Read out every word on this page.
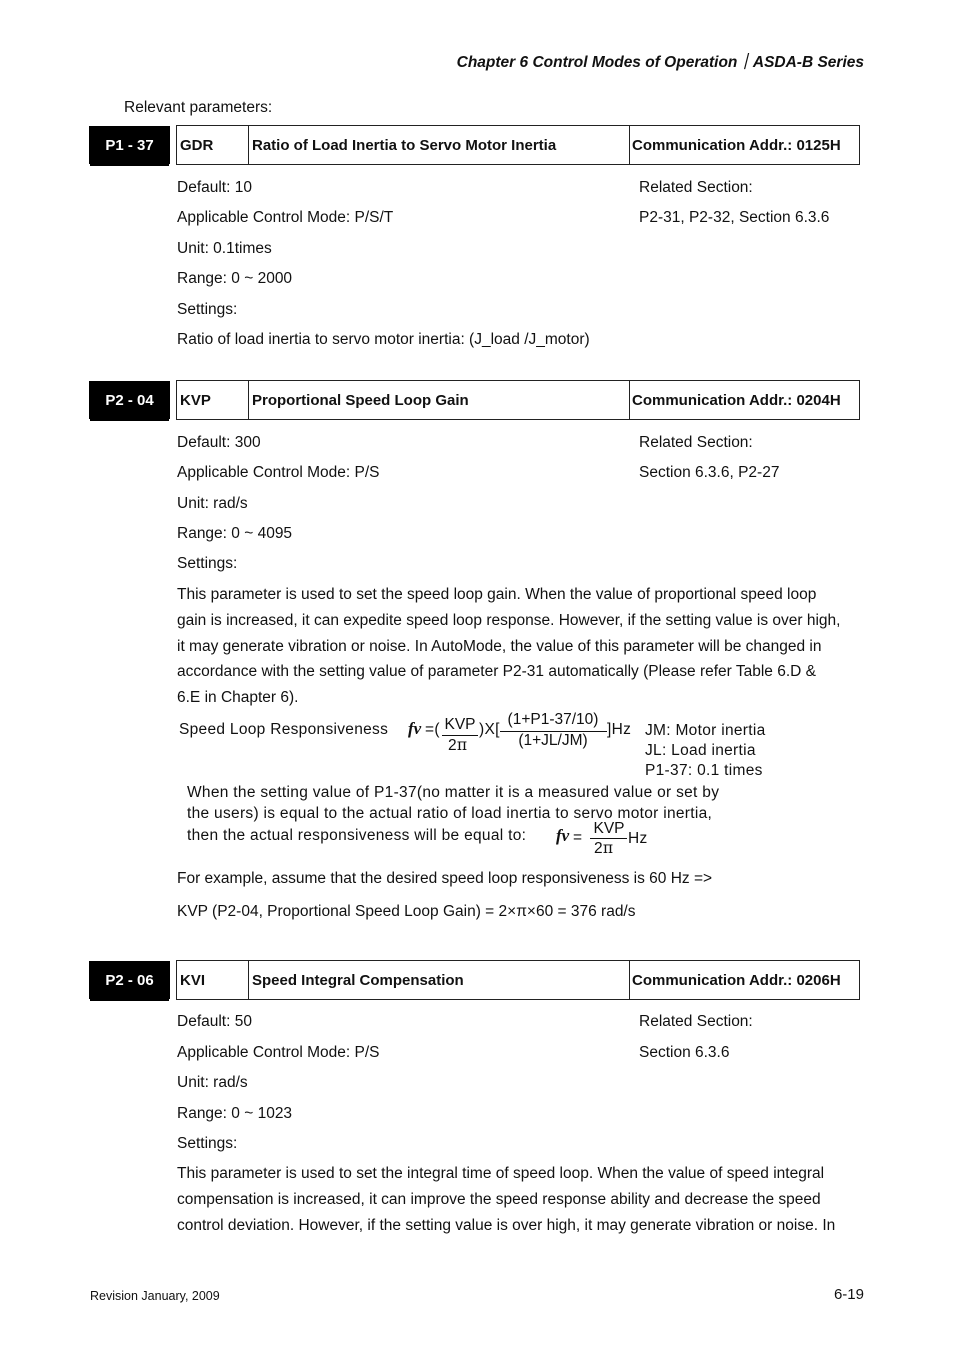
Chapter 6 Control Modes of Operation｜ASDA-B Series
Relevant parameters:
P1 - 37	GDR	Ratio of Load Inertia to Servo Motor Inertia	Communication Addr.: 0125H
Default: 10	Related Section:
Applicable Control Mode: P/S/T	P2-31, P2-32, Section 6.3.6
Unit: 0.1times
Range: 0 ~ 2000
Settings:
Ratio of load inertia to servo motor inertia: (J_load /J_motor)
P2 - 04	KVP	Proportional Speed Loop Gain	Communication Addr.: 0204H
Default: 300	Related Section:
Applicable Control Mode: P/S	Section 6.3.6, P2-27
Unit: rad/s
Range: 0 ~ 4095
Settings:
This parameter is used to set the speed loop gain. When the value of proportional speed loop
gain is increased, it can expedite speed loop response. However, if the setting value is over high,
it may generate vibration or noise. In AutoMode, the value of this parameter will be changed in
accordance with the setting value of parameter P2-31 automatically (Please refer Table 6.D &
6.E in Chapter 6).
Speed Loop Responsiveness fv =( KVP
2π
)X[
(1+P1-37/10)
(1+JL/JM)
]Hz JM: Motor inertia
JL: Load inertia
P1-37: 0.1 times
When the setting value of P1-37(no matter it is a measured value or set by
the users) is equal to the actual ratio of load inertia to servo motor inertia,
then the actual responsiveness will be equal to: fv =
KVP
2π
Hz
For example, assume that the desired speed loop responsiveness is 60 Hz =>
KVP (P2-04, Proportional Speed Loop Gain) = 2×π×60 = 376 rad/s
P2 - 06	KVI	Speed Integral Compensation	Communication Addr.: 0206H
Default: 50	Related Section:
Applicable Control Mode: P/S	Section 6.3.6
Unit: rad/s
Range: 0 ~ 1023
Settings:
This parameter is used to set the integral time of speed loop. When the value of speed integral
compensation is increased, it can improve the speed response ability and decrease the speed
control deviation. However, if the setting value is over high, it may generate vibration or noise. In
Revision January, 2009	6-19
